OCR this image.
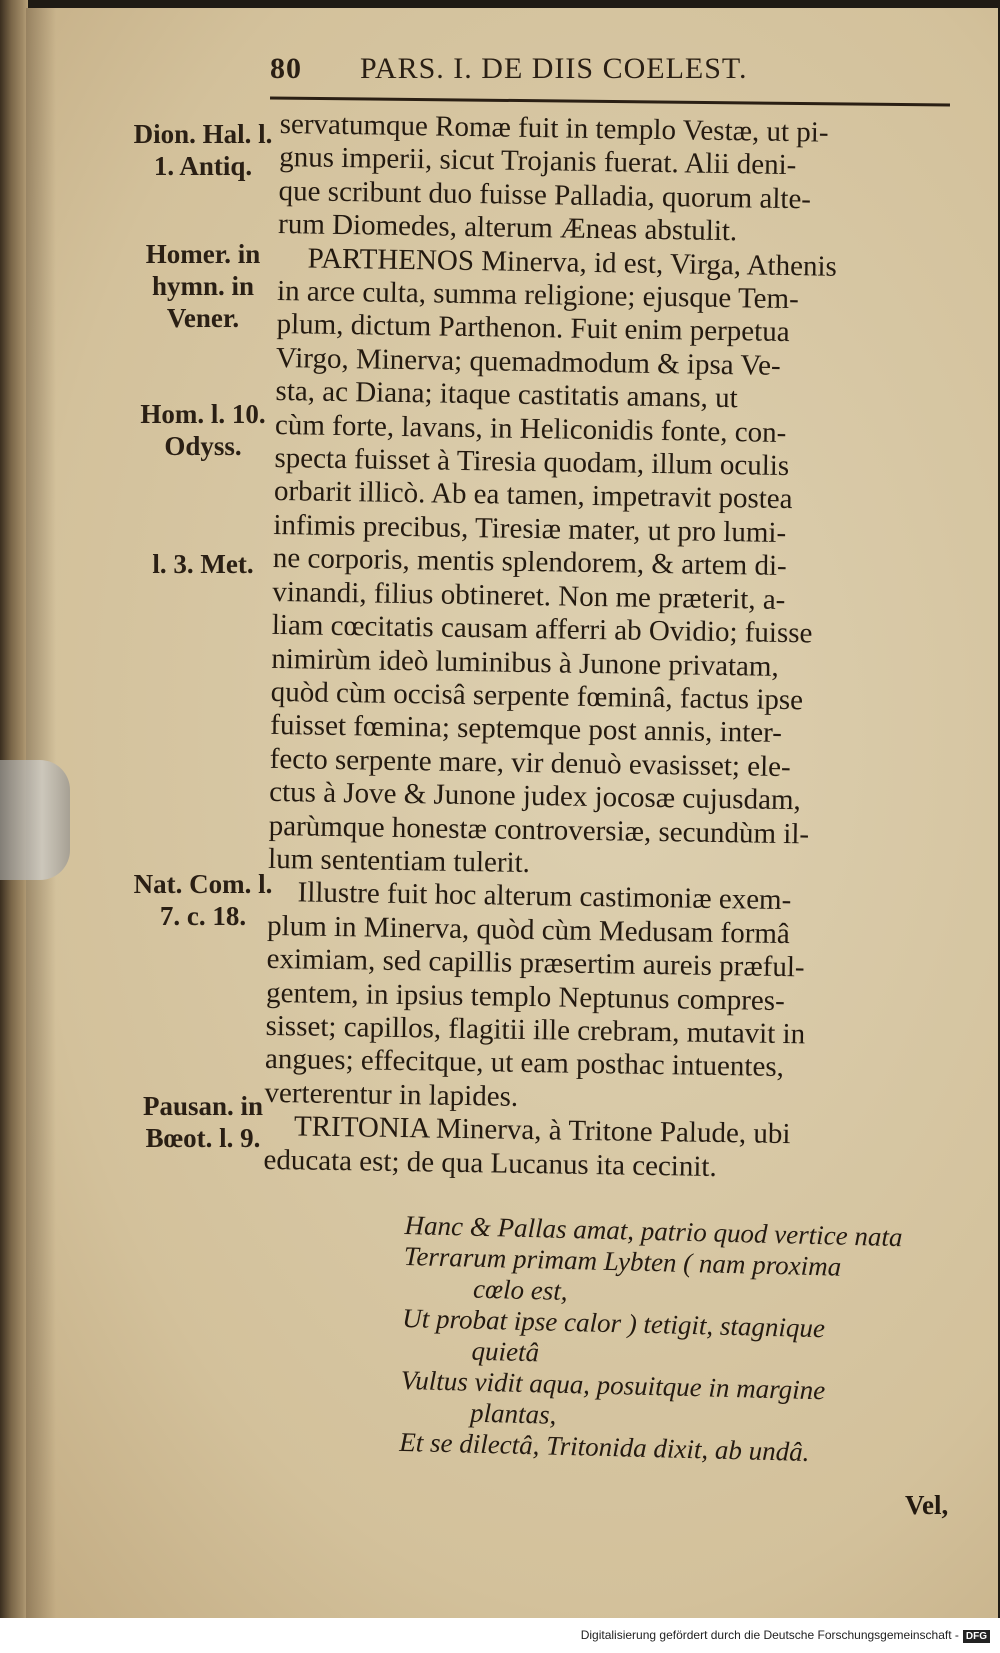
80 PARS. I. DE DIIS COELEST.
Dion. Hal. l. 1. Antiq.
Homer. in hymn. in Vener.
Hom. l. 10. Odyss.
l. 3. Met.
Nat. Com. l. 7. c. 18.
Pausan. in Bœot. l. 9.
servatumque Romæ fuit in templo Vestæ, ut pi-
gnus imperii, sicut Trojanis fuerat. Alii deni-
que scribunt duo fuisse Palladia, quorum alte-
rum Diomedes, alterum Æneas abstulit.
PARTHENOS Minerva, id est, Virga, Athenis
in arce culta, summa religione; ejusque Tem-
plum, dictum Parthenon. Fuit enim perpetua
Virgo, Minerva; quemadmodum & ipsa Ve-
sta, ac Diana; itaque castitatis amans, ut
cùm forte, lavans, in Heliconidis fonte, con-
specta fuisset à Tiresia quodam, illum oculis
orbarit illicò. Ab ea tamen, impetravit postea
infimis precibus, Tiresiæ mater, ut pro lumi-
ne corporis, mentis splendorem, & artem di-
vinandi, filius obtineret. Non me præterit, a-
liam cœcitatis causam afferri ab Ovidio; fuisse
nimirùm ideò luminibus à Junone privatam,
quòd cùm occisâ serpente fœminâ, factus ipse
fuisset fœmina; septemque post annis, inter-
fecto serpente mare, vir denuò evasisset; ele-
ctus à Jove & Junone judex jocosæ cujusdam,
parùmque honestæ controversiæ, secundùm il-
lum sententiam tulerit.
Illustre fuit hoc alterum castimoniæ exem-
plum in Minerva, quòd cùm Medusam formâ
eximiam, sed capillis præsertim aureis præful-
gentem, in ipsius templo Neptunus compres-
sisset; capillos, flagitii ille crebram, mutavit in
angues; effecitque, ut eam posthac intuentes,
verterentur in lapides.
TRITONIA Minerva, à Tritone Palude, ubi
educata est; de qua Lucanus ita cecinit.
Hanc & Pallas amat, patrio quod vertice nata
Terrarum primam Lybten ( nam proxima
cœlo est,
Ut probat ipse calor ) tetigit, stagnique
quietâ
Vultus vidit aqua, posuitque in margine
plantas,
Et se dilectâ, Tritonida dixit, ab undâ.
Vel,
Digitalisierung gefördert durch die Deutsche Forschungsgemeinschaft - DFG
